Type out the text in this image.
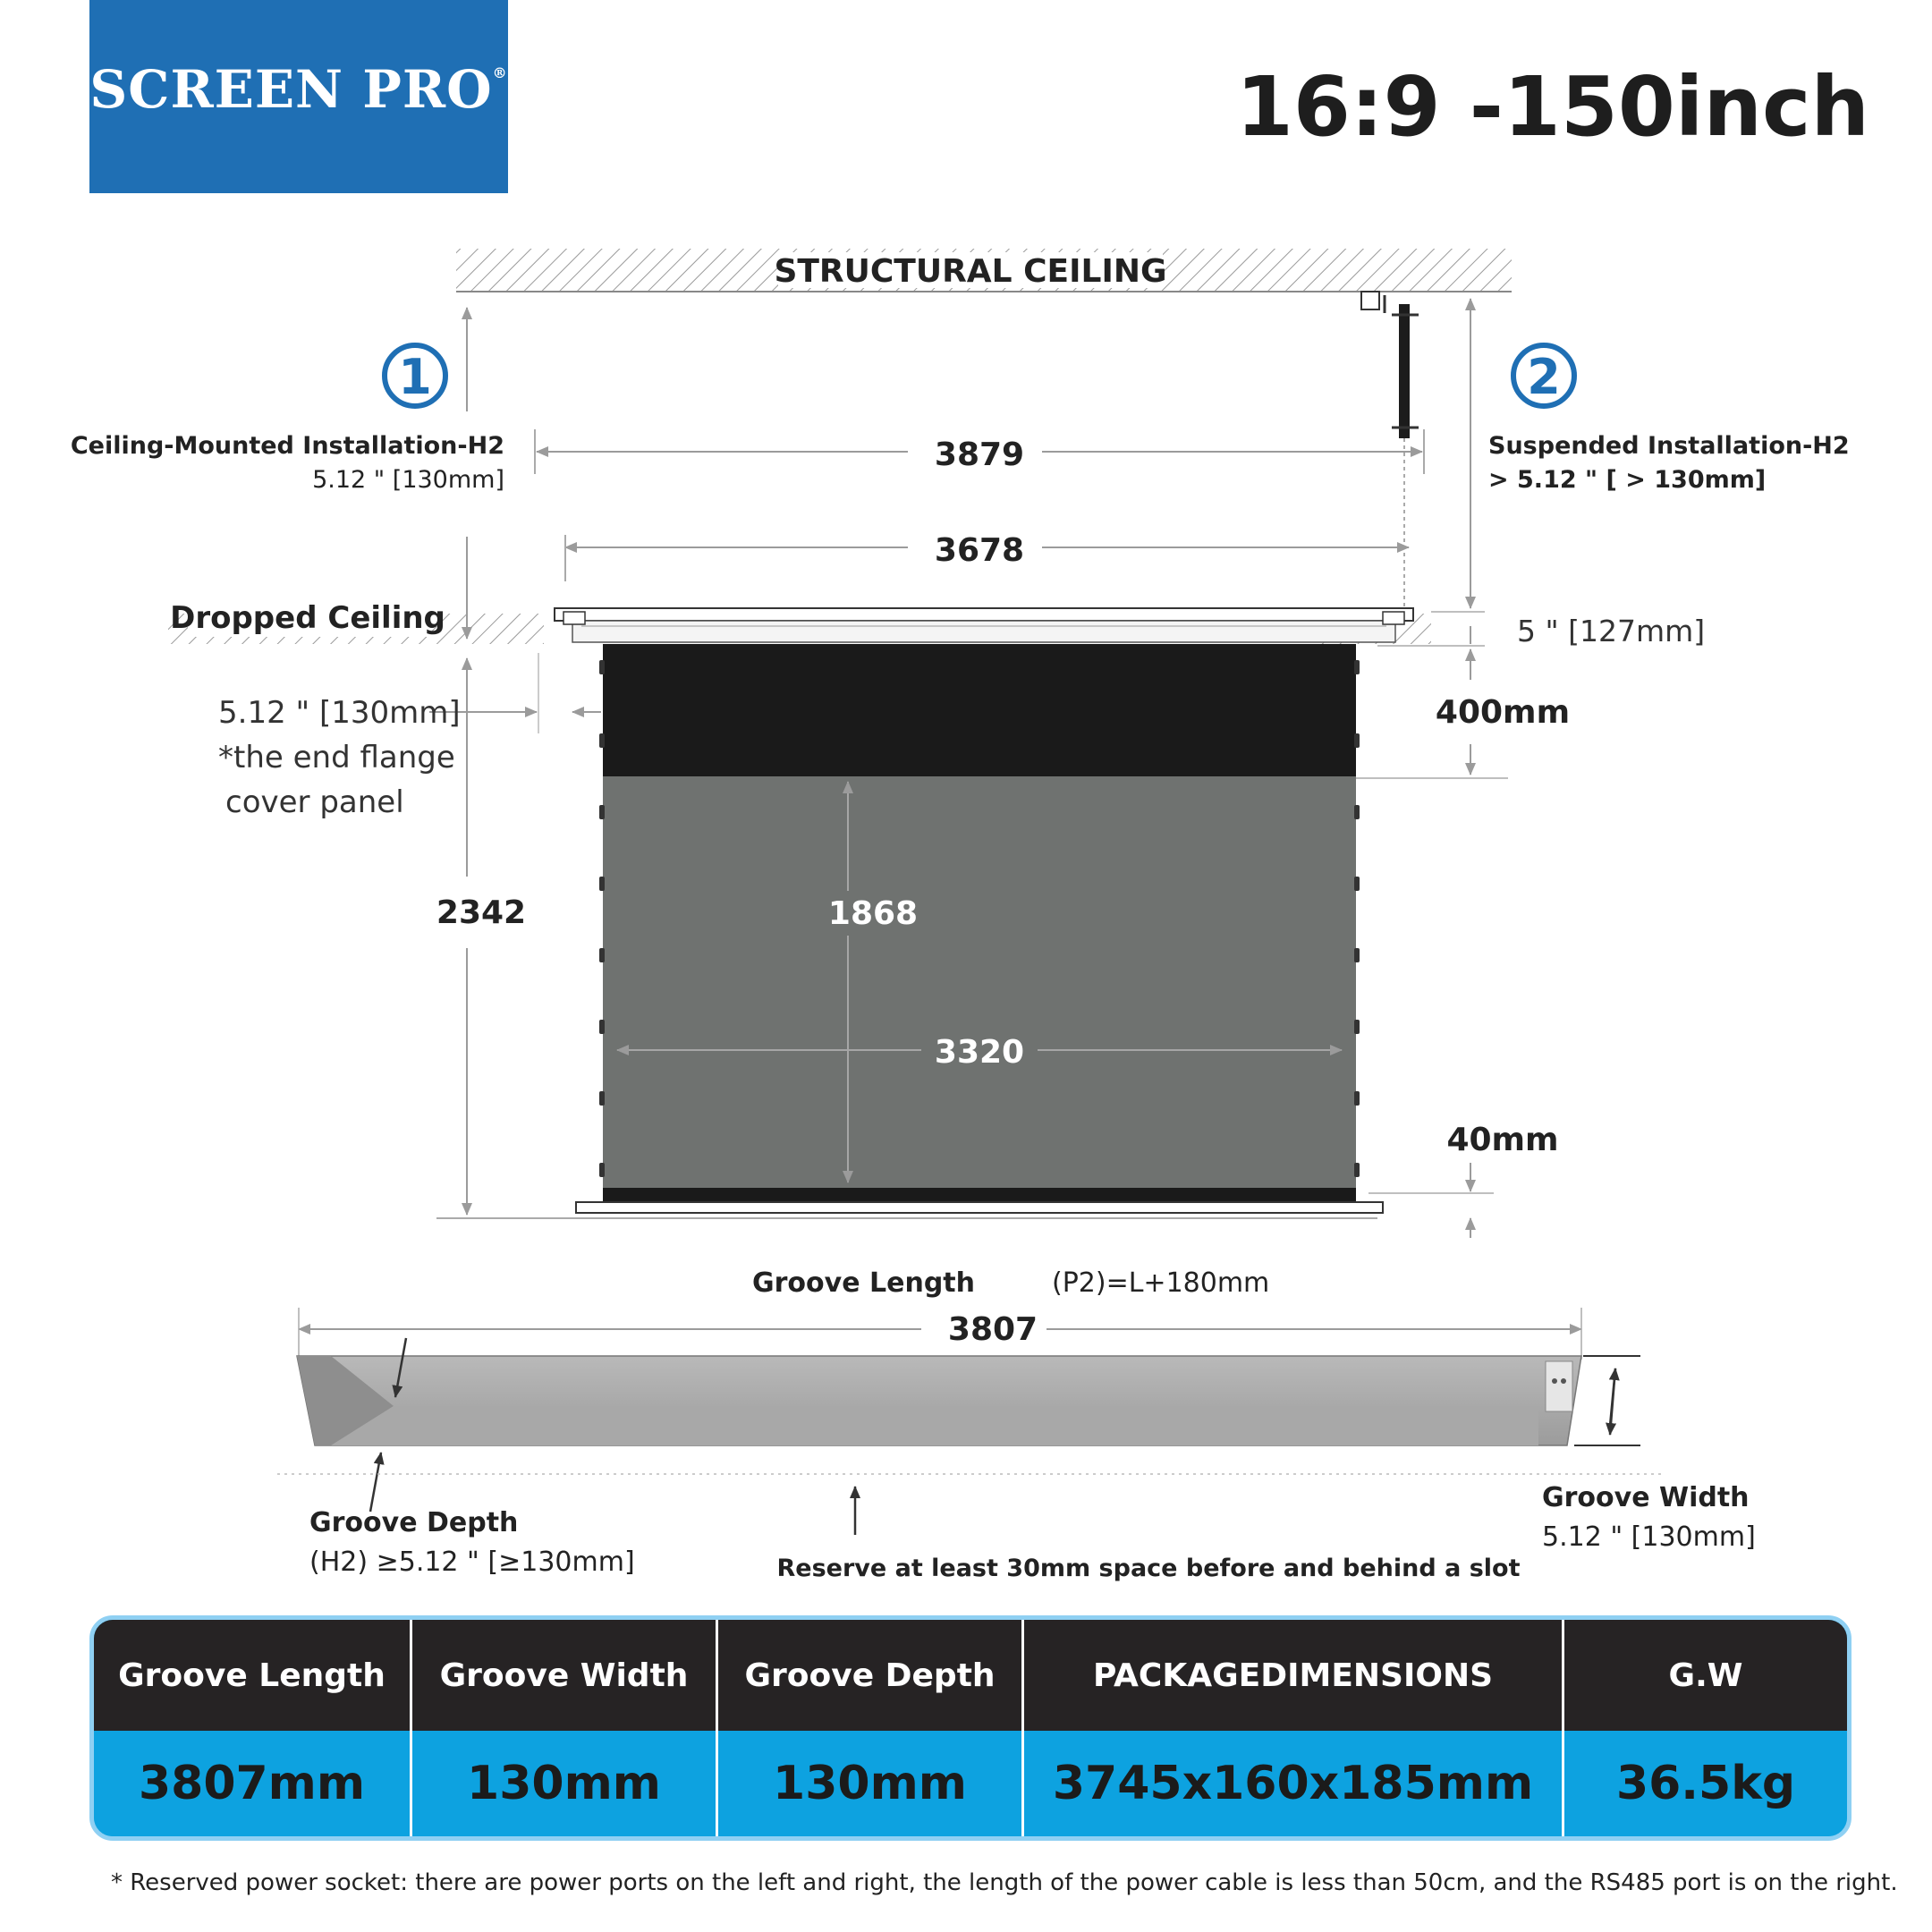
SCREEN PRO®	16:9 -150inch
STRUCTURAL CEILING
Dropped Ceiling
1
Ceiling-Mounted Installation-H2
5.12 " [130mm]
2
Suspended Installation-H2
> 5.12 " [ > 130mm]
3879
3678
2342
5.12 " [130mm]
*the end flange
cover panel
5 " [127mm]
400mm
40mm
1868
3320
Groove Length	(P2)=L+180mm
3807
Groove Depth
(H2) ≥5.12 " [≥130mm]
Groove Width
5.12 " [130mm]
Reserve at least 30mm space before and behind a slot
Groove Length	Groove Width	Groove Depth	PACKAGEDIMENSIONS	G.W
3807mm	130mm	130mm	3745x160x185mm	36.5kg
* Reserved power socket: there are power ports on the left and right, the length of the power cable is less than 50cm, and the RS485 port is on the right.
